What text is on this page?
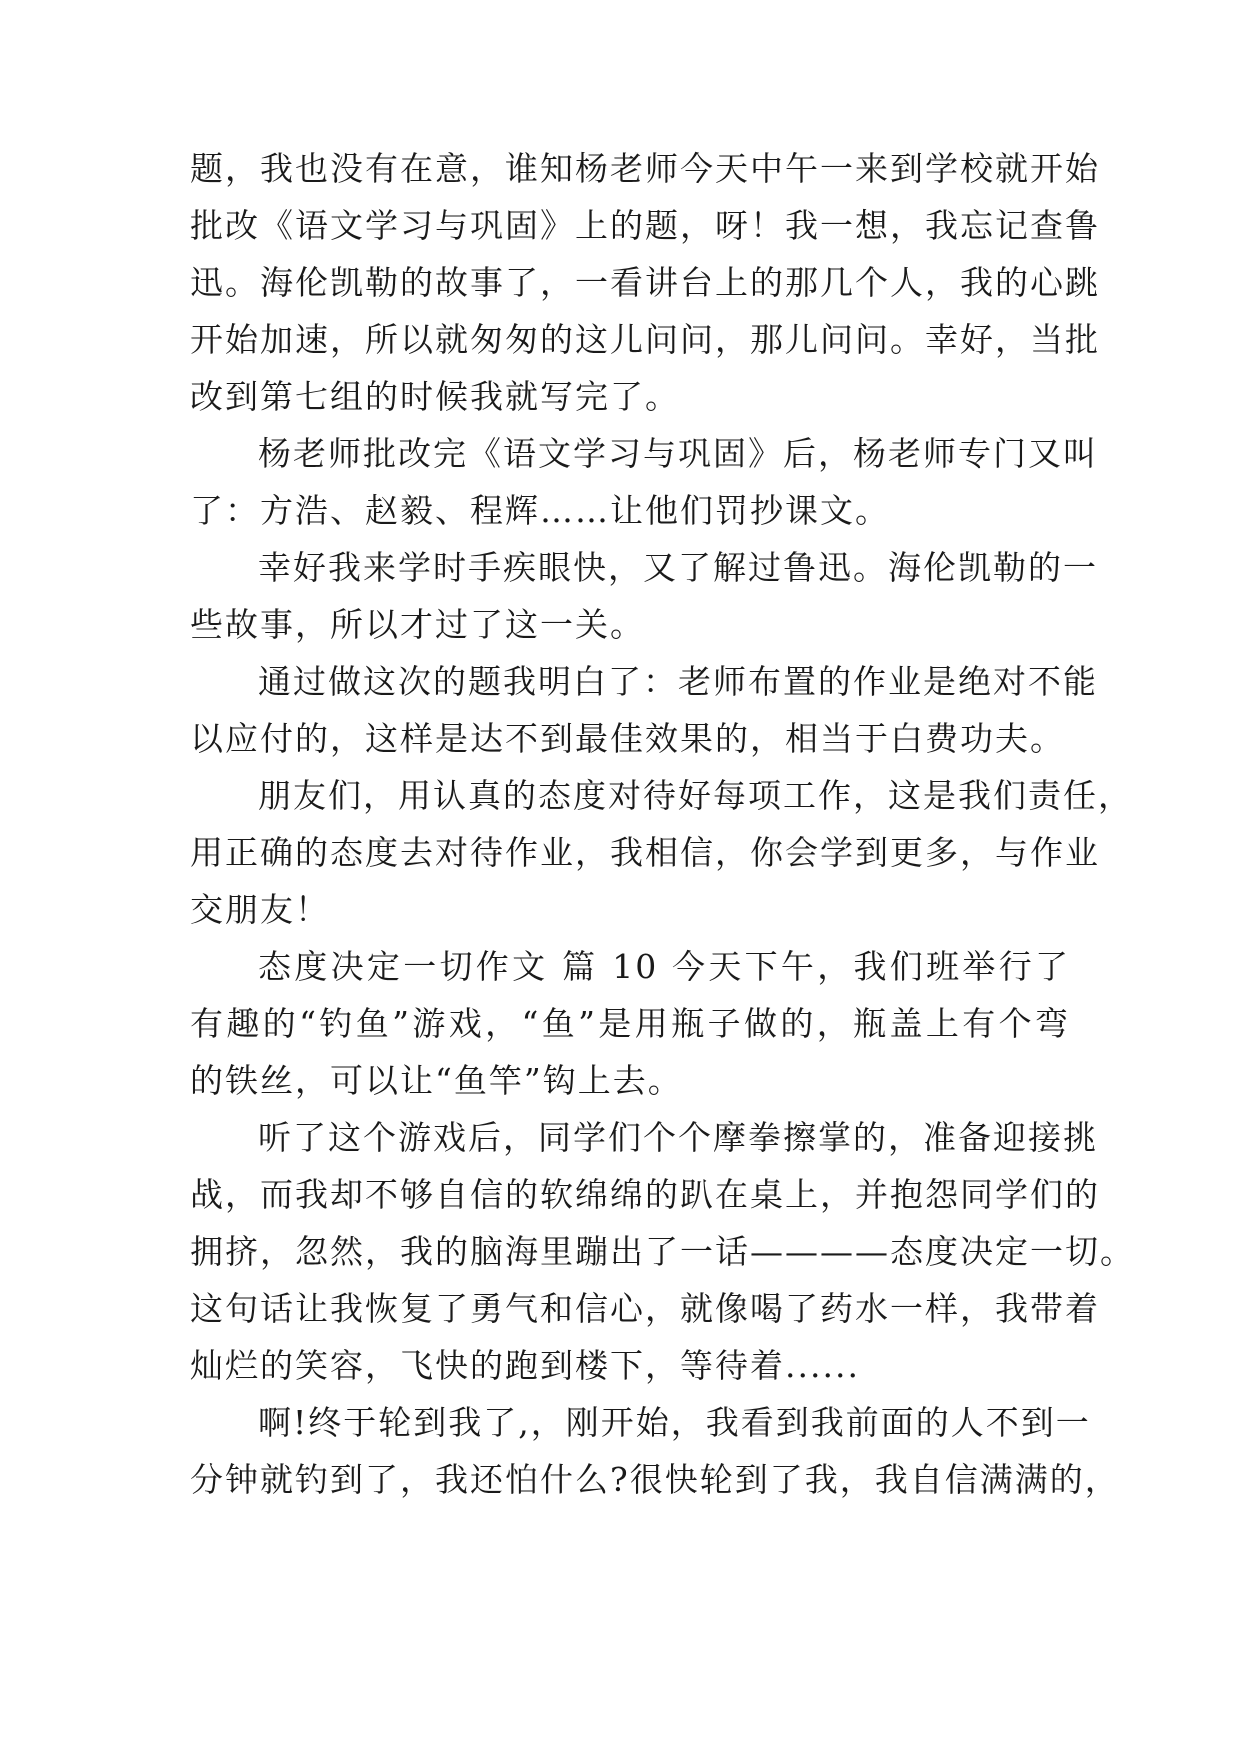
题，我也没有在意，谁知杨老师今天中午一来到学校就开始
批改《语文学习与巩固》上的题，呀！我一想，我忘记查鲁
迅。海伦凯勒的故事了，一看讲台上的那几个人，我的心跳
开始加速，所以就匆匆的这儿问问，那儿问问。幸好，当批
改到第七组的时候我就写完了。
杨老师批改完《语文学习与巩固》后，杨老师专门又叫
了：方浩、赵毅、程辉……让他们罚抄课文。
幸好我来学时手疾眼快，又了解过鲁迅。海伦凯勒的一
些故事，所以才过了这一关。
通过做这次的题我明白了：老师布置的作业是绝对不能
以应付的，这样是达不到最佳效果的，相当于白费功夫。
朋友们，用认真的态度对待好每项工作，这是我们责任，
用正确的态度去对待作业，我相信，你会学到更多，与作业
交朋友！
态度决定一切作文 篇 10 今天下午，我们班举行了
有趣的“钓鱼”游戏，“鱼”是用瓶子做的，瓶盖上有个弯
的铁丝，可以让“鱼竿”钩上去。
听了这个游戏后，同学们个个摩拳擦掌的，准备迎接挑
战，而我却不够自信的软绵绵的趴在桌上，并抱怨同学们的
拥挤，忽然，我的脑海里蹦出了一话————态度决定一切。
这句话让我恢复了勇气和信心，就像喝了药水一样，我带着
灿烂的笑容，飞快的跑到楼下，等待着......
啊!终于轮到我了,，刚开始，我看到我前面的人不到一
分钟就钓到了，我还怕什么?很快轮到了我，我自信满满的，
